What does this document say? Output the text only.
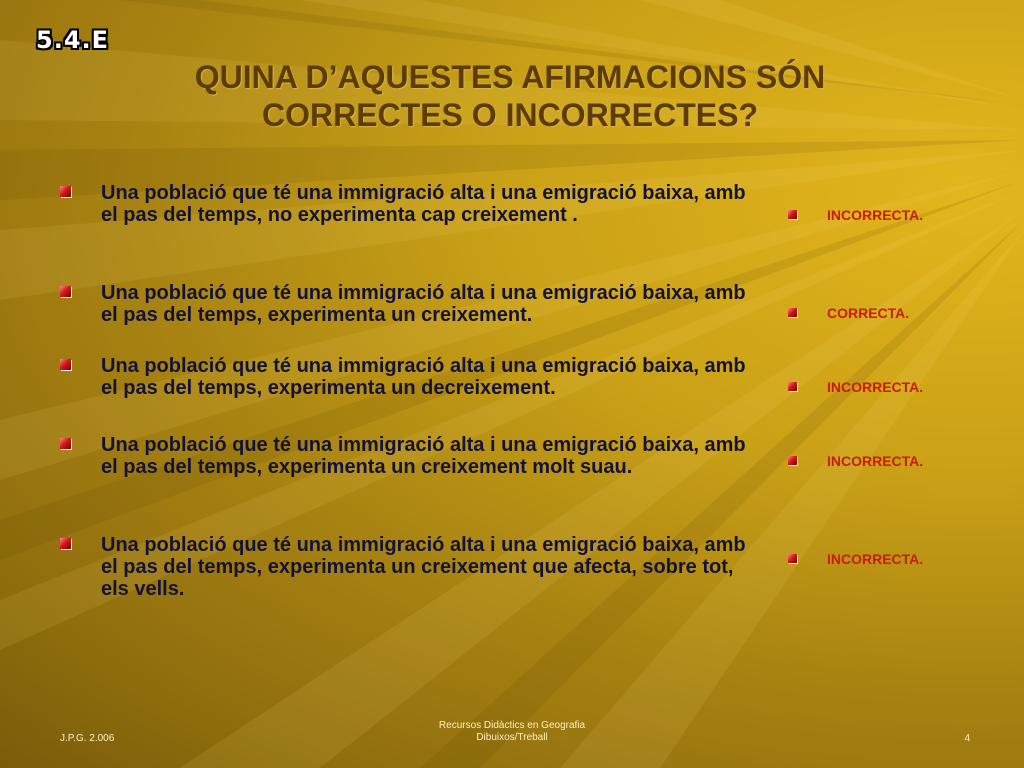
5.4.E
QUINA D’AQUESTES AFIRMACIONS SÓN
CORRECTES O INCORRECTES?
Una població que té una immigració alta i una emigració baixa, amb el pas del temps, no experimenta cap creixement .
Una població que té una immigració alta i una emigració baixa, amb el pas del temps, experimenta un creixement.
Una població que té una immigració alta i una emigració baixa, amb el pas del temps, experimenta un decreixement.
Una població que té una immigració alta i una emigració baixa, amb el pas del temps, experimenta un creixement molt suau.
Una població que té una immigració alta i una emigració baixa, amb el pas del temps, experimenta un creixement que afecta, sobre tot, els vells.
INCORRECTA.
CORRECTA.
INCORRECTA.
INCORRECTA.
INCORRECTA.
J.P.G. 2.006
Recursos Didàctics en Geografia
Dibuixos/Treball	4
